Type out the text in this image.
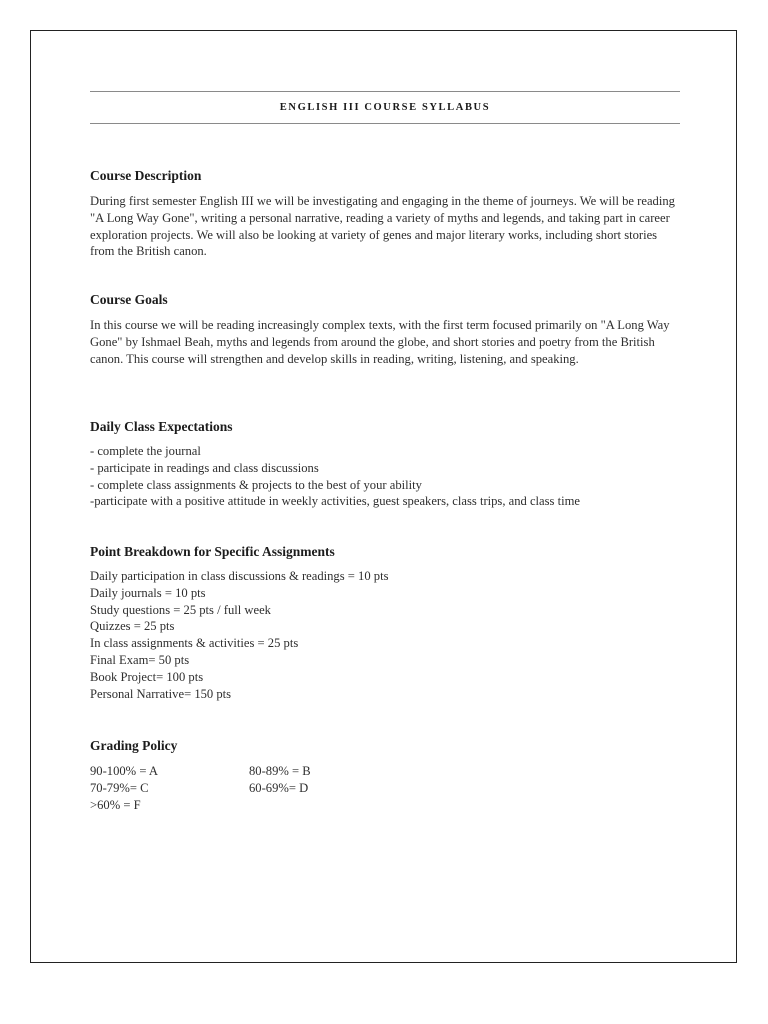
ENGLISH III COURSE SYLLABUS
Course Description

During first semester English III we will be investigating and engaging in the theme of journeys. We will be reading "A Long Way Gone", writing a personal narrative, reading a variety of myths and legends, and taking part in career exploration projects. We will also be looking at variety of genes and major literary works, including short stories from the British canon.

Course Goals

In this course we will be reading increasingly complex texts, with the first term focused primarily on "A Long Way Gone" by Ishmael Beah, myths and legends from around the globe, and short stories and poetry from the British canon. This course will strengthen and develop skills in reading, writing, listening, and speaking.

Daily Class Expectations
- complete the journal
- participate in readings and class discussions
- complete class assignments & projects to the best of your ability
-participate with a positive attitude in weekly activities, guest speakers, class trips, and class time
Point Breakdown for Specific Assignments
Daily participation in class discussions & readings = 10 pts
Daily journals = 10 pts
Study questions = 25 pts / full week
Quizzes = 25 pts
In class assignments & activities = 25 pts
Final Exam= 50 pts
Book Project= 100 pts
Personal Narrative= 150 pts
Grading Policy
90-100% = A	80-89% = B
70-79%= C	60-69%= D
>60% = F
